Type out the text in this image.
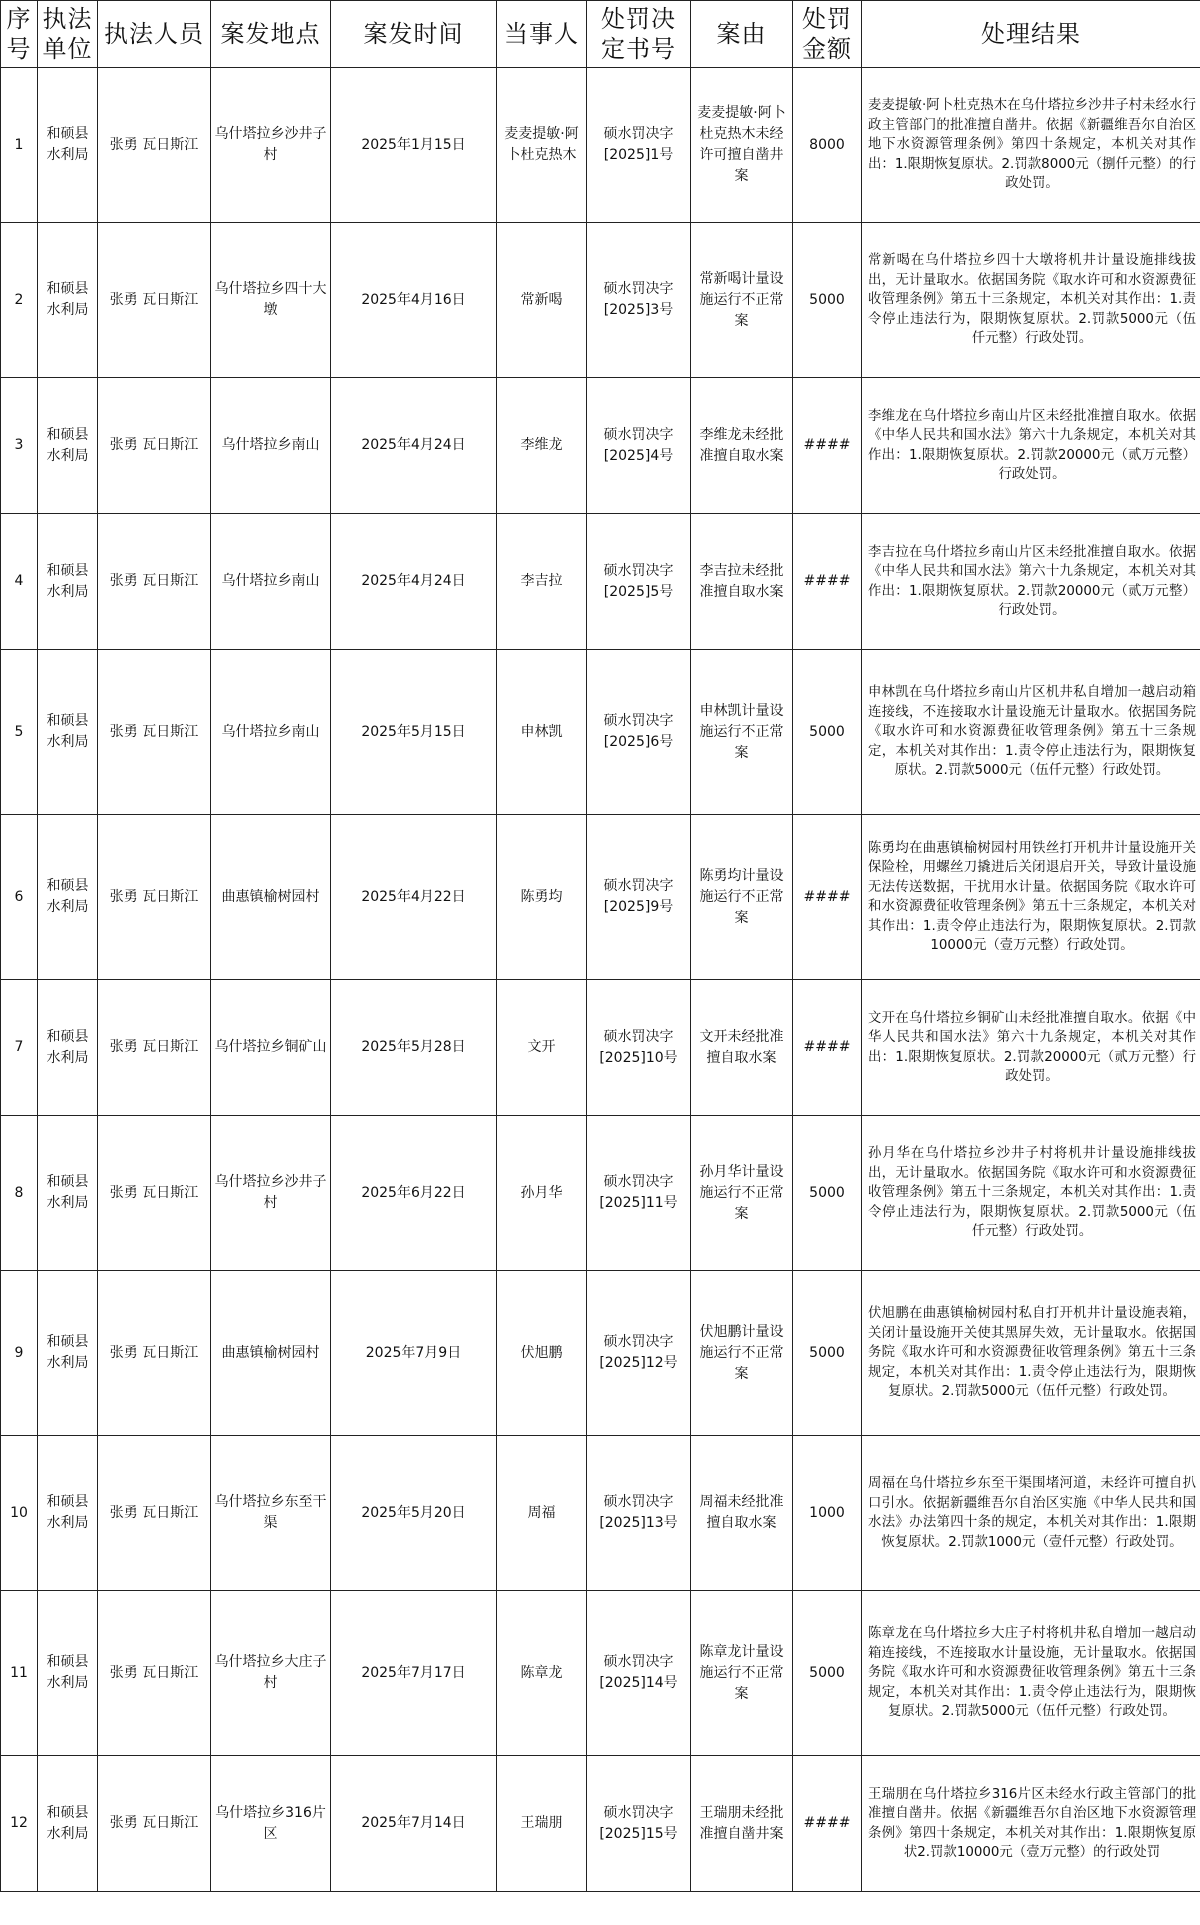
序号	执法单位	执法人员	案发地点	案发时间	当事人	处罚决定书号	案由	处罚金额	处理结果
1	和硕县水利局	张勇 瓦日斯江	乌什塔拉乡沙井子村	2025年1月15日	麦麦提敏·阿卜杜克热木	硕水罚决字[2025]1号	麦麦提敏·阿卜杜克热木未经许可擅自凿井案	8000	麦麦提敏·阿卜杜克热木在乌什塔拉乡沙井子村未经水行政主管部门的批准擅自凿井。依据《新疆维吾尔自治区地下水资源管理条例》第四十条规定，本机关对其作出：1.限期恢复原状。2.罚款8000元（捌仟元整）的行政处罚。
2	和硕县水利局	张勇 瓦日斯江	乌什塔拉乡四十大墩	2025年4月16日	常新喝	硕水罚决字[2025]3号	常新喝计量设施运行不正常案	5000	常新喝在乌什塔拉乡四十大墩将机井计量设施排线拔出，无计量取水。依据国务院《取水许可和水资源费征收管理条例》第五十三条规定，本机关对其作出：1.责令停止违法行为，限期恢复原状。2.罚款5000元（伍仟元整）行政处罚。
3	和硕县水利局	张勇 瓦日斯江	乌什塔拉乡南山	2025年4月24日	李维龙	硕水罚决字[2025]4号	李维龙未经批准擅自取水案	####	李维龙在乌什塔拉乡南山片区未经批准擅自取水。依据《中华人民共和国水法》第六十九条规定，本机关对其作出：1.限期恢复原状。2.罚款20000元（贰万元整）行政处罚。
4	和硕县水利局	张勇 瓦日斯江	乌什塔拉乡南山	2025年4月24日	李吉拉	硕水罚决字[2025]5号	李吉拉未经批准擅自取水案	####	李吉拉在乌什塔拉乡南山片区未经批准擅自取水。依据《中华人民共和国水法》第六十九条规定，本机关对其作出：1.限期恢复原状。2.罚款20000元（贰万元整）行政处罚。
5	和硕县水利局	张勇 瓦日斯江	乌什塔拉乡南山	2025年5月15日	申林凯	硕水罚决字[2025]6号	申林凯计量设施运行不正常案	5000	申林凯在乌什塔拉乡南山片区机井私自增加一越启动箱连接线，不连接取水计量设施无计量取水。依据国务院《取水许可和水资源费征收管理条例》第五十三条规定，本机关对其作出：1.责令停止违法行为，限期恢复原状。2.罚款5000元（伍仟元整）行政处罚。
6	和硕县水利局	张勇 瓦日斯江	曲惠镇榆树园村	2025年4月22日	陈勇均	硕水罚决字[2025]9号	陈勇均计量设施运行不正常案	####	陈勇均在曲惠镇榆树园村用铁丝打开机井计量设施开关保险栓，用螺丝刀撬进后关闭退启开关，导致计量设施无法传送数据，干扰用水计量。依据国务院《取水许可和水资源费征收管理条例》第五十三条规定，本机关对其作出：1.责令停止违法行为，限期恢复原状。2.罚款10000元（壹万元整）行政处罚。
7	和硕县水利局	张勇 瓦日斯江	乌什塔拉乡铜矿山	2025年5月28日	文开	硕水罚决字[2025]10号	文开未经批准擅自取水案	####	文开在乌什塔拉乡铜矿山未经批准擅自取水。依据《中华人民共和国水法》第六十九条规定，本机关对其作出：1.限期恢复原状。2.罚款20000元（贰万元整）行政处罚。
8	和硕县水利局	张勇 瓦日斯江	乌什塔拉乡沙井子村	2025年6月22日	孙月华	硕水罚决字[2025]11号	孙月华计量设施运行不正常案	5000	孙月华在乌什塔拉乡沙井子村将机井计量设施排线拔出，无计量取水。依据国务院《取水许可和水资源费征收管理条例》第五十三条规定，本机关对其作出：1.责令停止违法行为，限期恢复原状。2.罚款5000元（伍仟元整）行政处罚。
9	和硕县水利局	张勇 瓦日斯江	曲惠镇榆树园村	2025年7月9日	伏旭鹏	硕水罚决字[2025]12号	伏旭鹏计量设施运行不正常案	5000	伏旭鹏在曲惠镇榆树园村私自打开机井计量设施表箱，关闭计量设施开关使其黑屏失效，无计量取水。依据国务院《取水许可和水资源费征收管理条例》第五十三条规定，本机关对其作出：1.责令停止违法行为，限期恢复原状。2.罚款5000元（伍仟元整）行政处罚。
10	和硕县水利局	张勇 瓦日斯江	乌什塔拉乡东至干渠	2025年5月20日	周福	硕水罚决字[2025]13号	周福未经批准擅自取水案	1000	周福在乌什塔拉乡东至干渠围堵河道，未经许可擅自扒口引水。依据新疆维吾尔自治区实施《中华人民共和国水法》办法第四十条的规定，本机关对其作出：1.限期恢复原状。2.罚款1000元（壹仟元整）行政处罚。
11	和硕县水利局	张勇 瓦日斯江	乌什塔拉乡大庄子村	2025年7月17日	陈章龙	硕水罚决字[2025]14号	陈章龙计量设施运行不正常案	5000	陈章龙在乌什塔拉乡大庄子村将机井私自增加一越启动箱连接线，不连接取水计量设施，无计量取水。依据国务院《取水许可和水资源费征收管理条例》第五十三条规定，本机关对其作出：1.责令停止违法行为，限期恢复原状。2.罚款5000元（伍仟元整）行政处罚。
12	和硕县水利局	张勇 瓦日斯江	乌什塔拉乡316片区	2025年7月14日	王瑞朋	硕水罚决字[2025]15号	王瑞朋未经批准擅自凿井案	####	王瑞朋在乌什塔拉乡316片区未经水行政主管部门的批准擅自凿井。依据《新疆维吾尔自治区地下水资源管理条例》第四十条规定，本机关对其作出：1.限期恢复原状2.罚款10000元（壹万元整）的行政处罚
